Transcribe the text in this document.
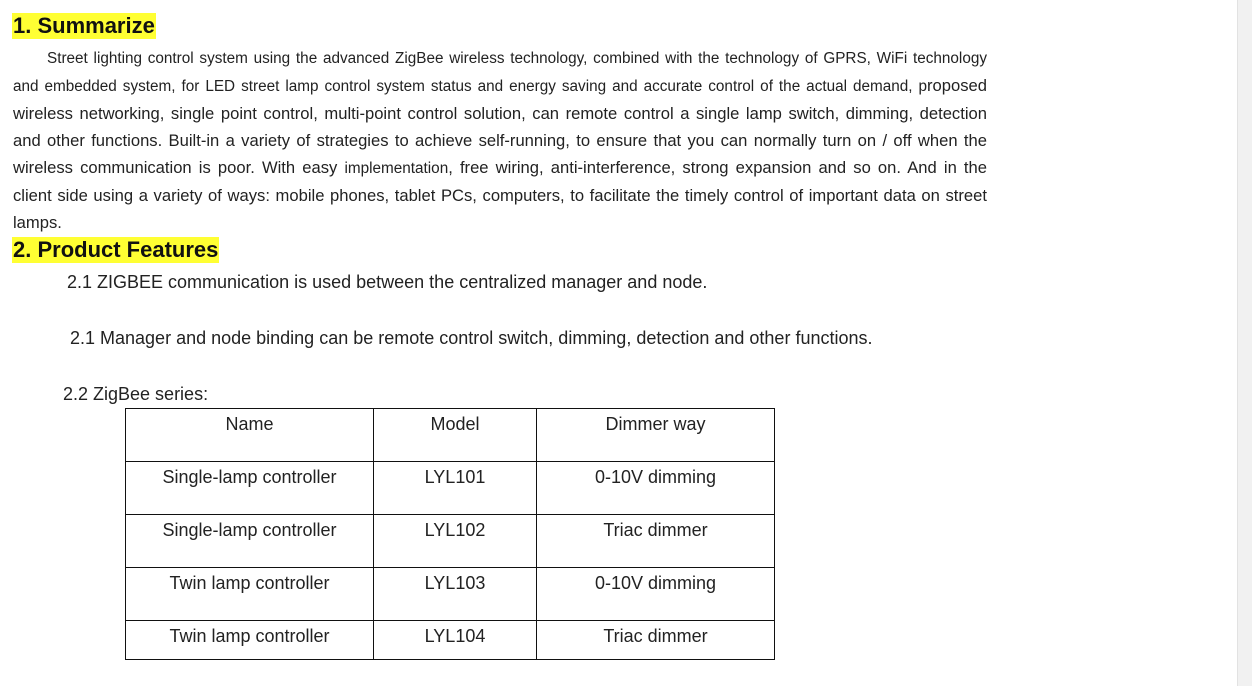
1. Summarize

Street lighting control system using the advanced ZigBee wireless technology, combined with the technology of GPRS, WiFi technology and embedded system, for LED street lamp control system status and energy saving and accurate control of the actual demand, proposed wireless networking, single point control, multi-point control solution, can remote control a single lamp switch, dimming, detection and other functions. Built-in a variety of strategies to achieve self-running, to ensure that you can normally turn on / off when the wireless communication is poor. With easy implementation, free wiring, anti-interference, strong expansion and so on. And in the client side using a variety of ways: mobile phones, tablet PCs, computers, to facilitate the timely control of important data on street lamps.

2. Product Features

2.1 ZIGBEE communication is used between the centralized manager and node.

2.1 Manager and node binding can be remote control switch, dimming, detection and other functions.

2.2 ZigBee series:

Name	Model	Dimmer way
Single-lamp controller	LYL101	0-10V dimming
Single-lamp controller	LYL102	Triac dimmer
Twin lamp controller	LYL103	0-10V dimming
Twin lamp controller	LYL104	Triac dimmer
